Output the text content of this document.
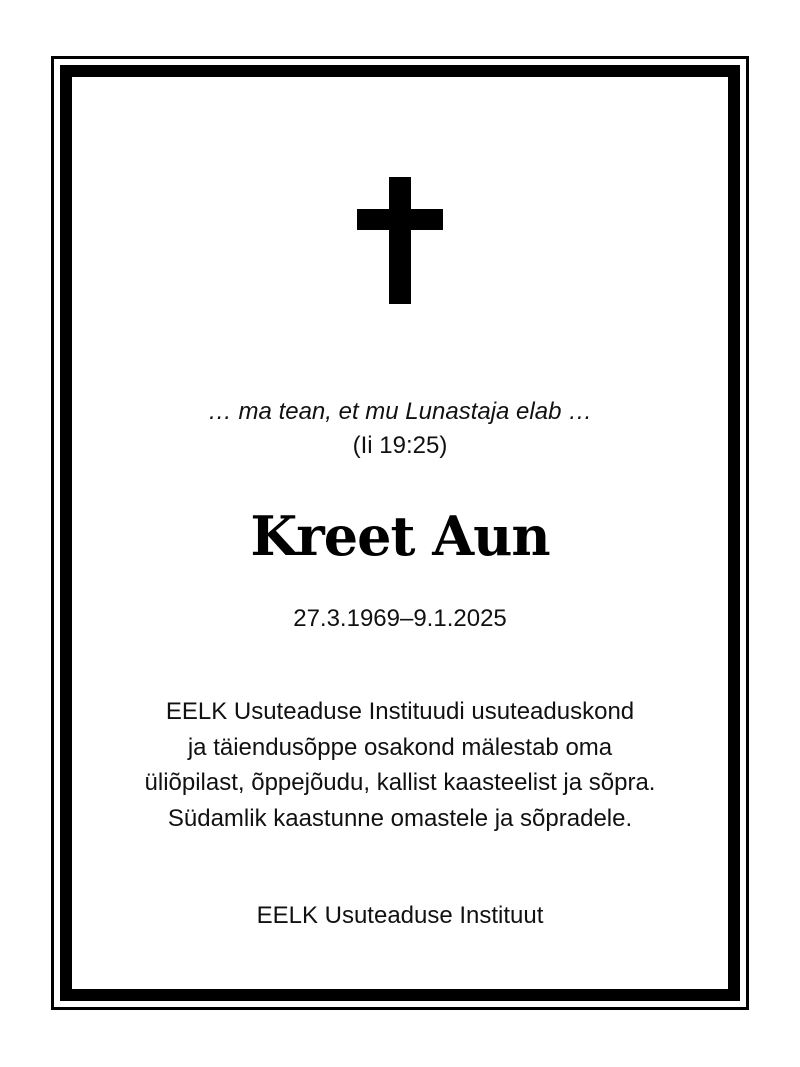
… ma tean, et mu Lunastaja elab …
(Ii 19:25)
Kreet Aun
27.3.1969–9.1.2025
EELK Usuteaduse Instituudi usuteaduskond
ja täiendusõppe osakond mälestab oma
üliõpilast, õppejõudu, kallist kaasteelist ja sõpra.
Südamlik kaastunne omastele ja sõpradele.
EELK Usuteaduse Instituut
